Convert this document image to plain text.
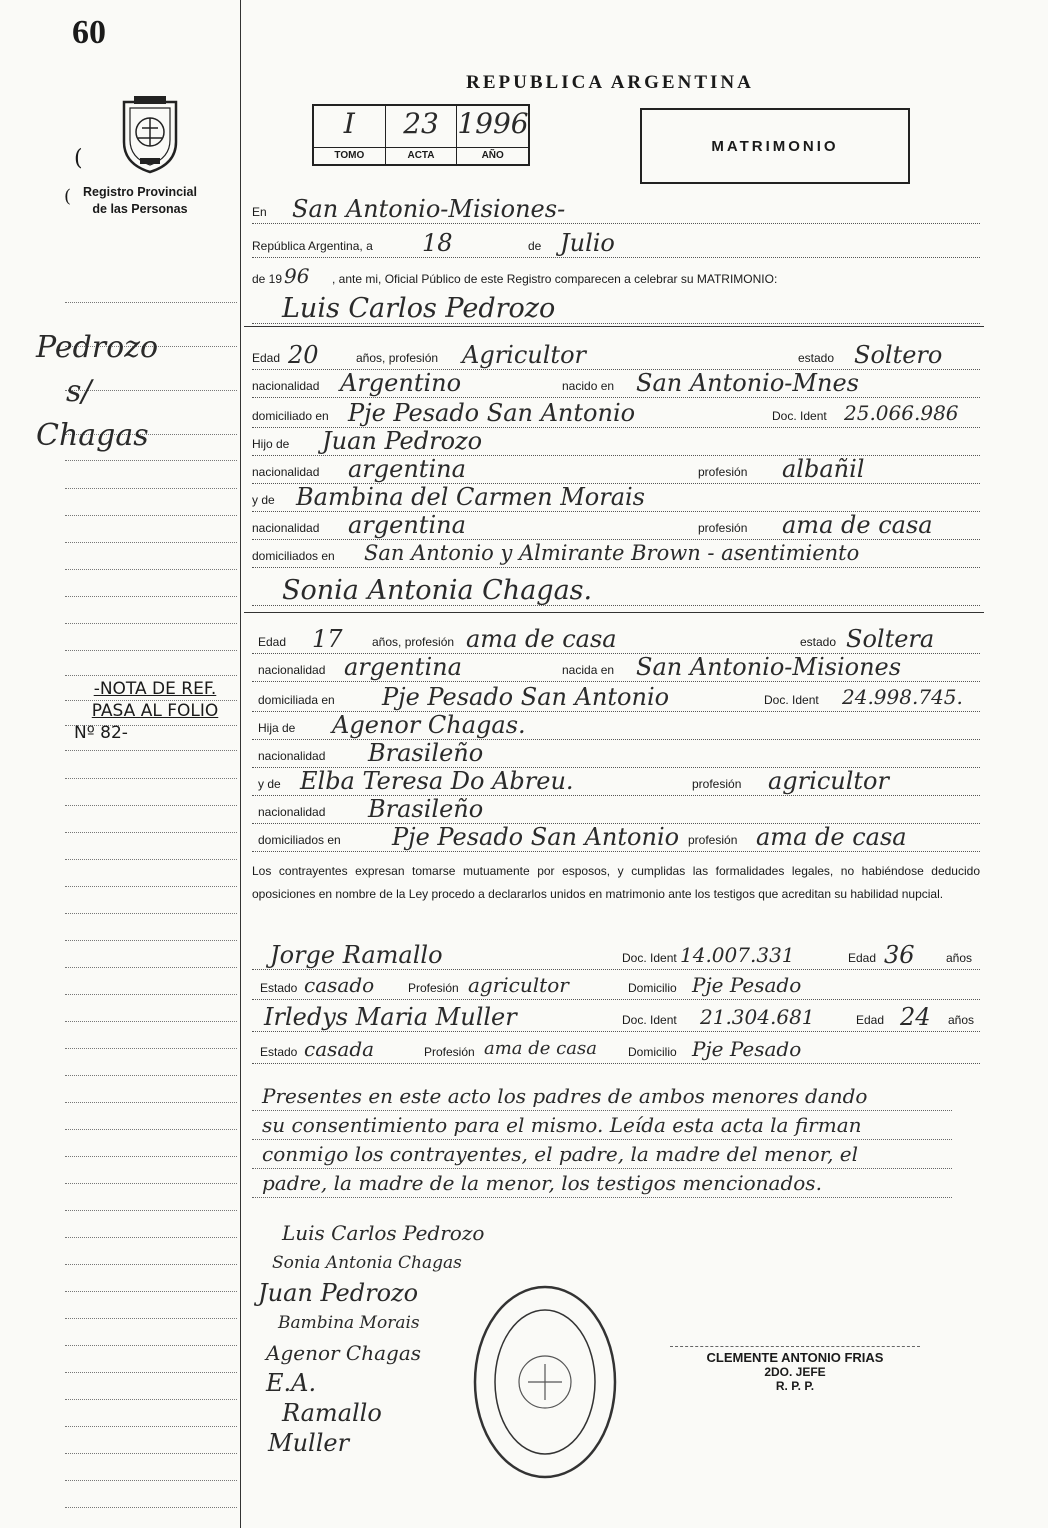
60
(
( Registro Provincial
de las Personas
Pedrozo
s/
Chagas
-NOTA DE REF.
PASA AL FOLIO
Nº 82-
REPUBLICA ARGENTINA
I
TOMO
23
ACTA
1996
AÑO
MATRIMONIO
En San Antonio-Misiones-
República Argentina, a 18	de Julio
de 19 96 , ante mi, Oficial Público de este Registro comparecen a celebrar su MATRIMONIO:
Luis Carlos Pedrozo
Edad 20	años, profesión Agricultor	estado Soltero
nacionalidad Argentino	nacido en San Antonio-Mnes
domiciliado en Pje Pesado San Antonio	Doc. Ident 25.066.986
Hijo de Juan Pedrozo
nacionalidad argentina	profesión albañil
y de Bambina del Carmen Morais
nacionalidad argentina	profesión ama de casa
domiciliados en San Antonio y Almirante Brown - asentimiento
Sonia Antonia Chagas.
Edad 17 años, profesión ama de casa	estado Soltera
nacionalidad argentina	nacida en San Antonio-Misiones
domiciliada en Pje Pesado San Antonio	Doc. Ident 24.998.745.
Hija de Agenor Chagas.
nacionalidad Brasileño
y de Elba Teresa Do Abreu.	profesión agricultor
nacionalidad Brasileño
domiciliados en Pje Pesado San Antonio profesión ama de casa
Los contrayentes expresan tomarse mutuamente por esposos, y cumplidas las formalidades legales, no habiéndose deducido oposiciones en nombre de la Ley procedo a declararlos unidos en matrimonio ante los testigos que acreditan su habilidad nupcial.
Jorge Ramallo	Doc. Ident 14.007.331	Edad 36	años
Estado casado	Profesión agricultor	Domicilio Pje Pesado
Irledys Maria Muller	Doc. Ident 21.304.681	Edad 24 años
Estado casada	Profesión ama de casa	Domicilio Pje Pesado
Presentes en este acto los padres de ambos menores dando
su consentimiento para el mismo. Leída esta acta la firman
conmigo los contrayentes, el padre, la madre del menor, el
padre, la madre de la menor, los testigos mencionados.
Luis Carlos Pedrozo
Sonia Antonia Chagas
Juan Pedrozo
Bambina Morais
Agenor Chagas
E.A.
Ramallo
Muller
CLEMENTE ANTONIO FRIAS
2DO. JEFE
R. P. P.
